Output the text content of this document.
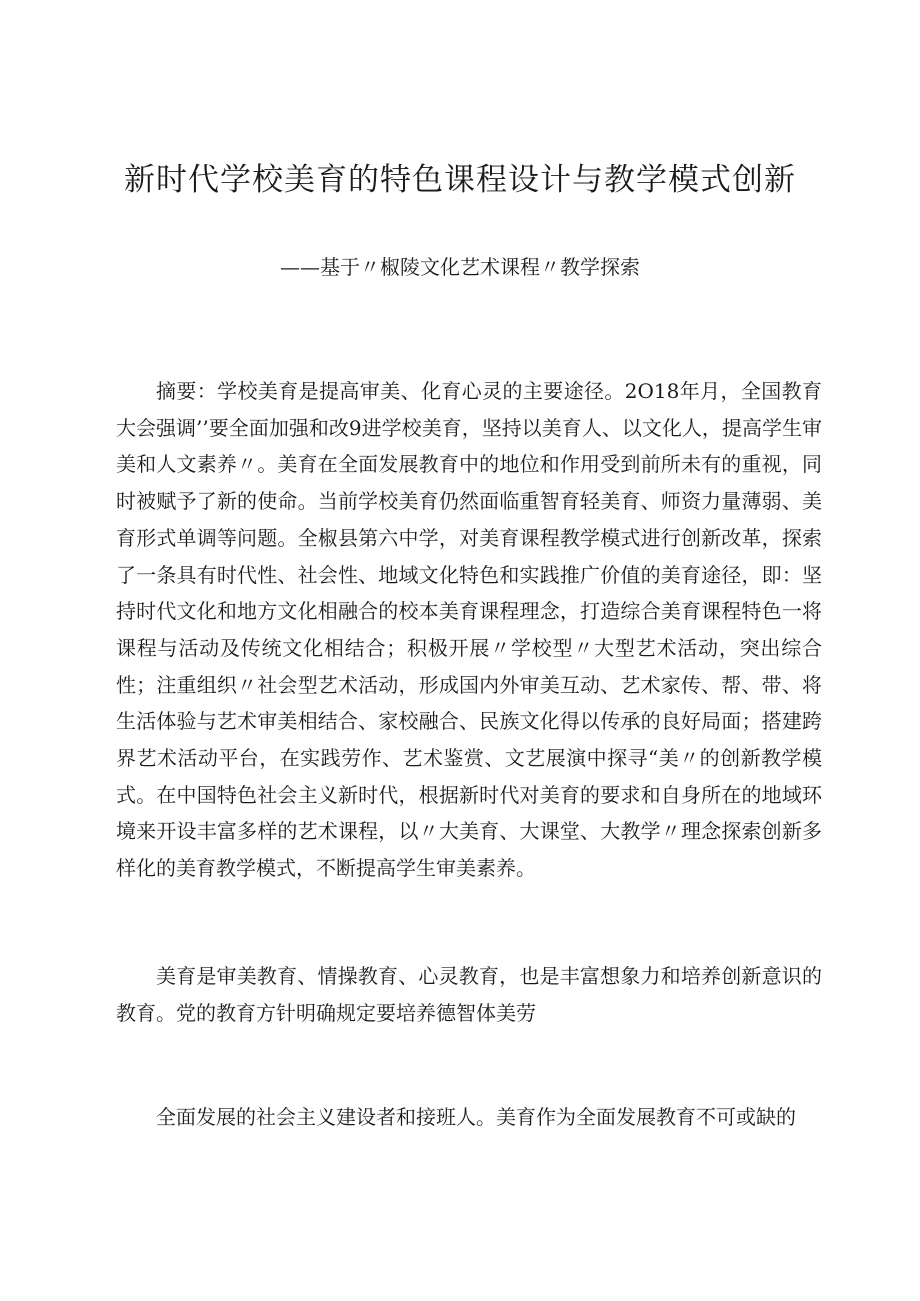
新时代学校美育的特色课程设计与教学模式创新

——基于〃椒陵文化艺术课程〃教学探索

摘要：学校美育是提高审美、化育心灵的主要途径。2O18年月，全国教育大会强调’’要全面加强和改9进学校美育，坚持以美育人、以文化人，提高学生审美和人文素养〃。美育在全面发展教育中的地位和作用受到前所未有的重视，同时被赋予了新的使命。当前学校美育仍然面临重智育轻美育、师资力量薄弱、美育形式单调等问题。全椒县第六中学，对美育课程教学模式进行创新改革，探索了一条具有时代性、社会性、地域文化特色和实践推广价值的美育途径，即：坚持时代文化和地方文化相融合的校本美育课程理念，打造综合美育课程特色一将课程与活动及传统文化相结合；积极开展〃学校型〃大型艺术活动，突出综合性；注重组织〃社会型艺术活动，形成国内外审美互动、艺术家传、帮、带、将生活体验与艺术审美相结合、家校融合、民族文化得以传承的良好局面；搭建跨界艺术活动平台，在实践劳作、艺术鉴赏、文艺展演中探寻“美〃的创新教学模式。在中国特色社会主义新时代，根据新时代对美育的要求和自身所在的地域环境来开设丰富多样的艺术课程，以〃大美育、大课堂、大教学〃理念探索创新多样化的美育教学模式，不断提高学生审美素养。

美育是审美教育、情操教育、心灵教育，也是丰富想象力和培养创新意识的教育。党的教育方针明确规定要培养德智体美劳

全面发展的社会主义建设者和接班人。美育作为全面发展教育不可或缺的
